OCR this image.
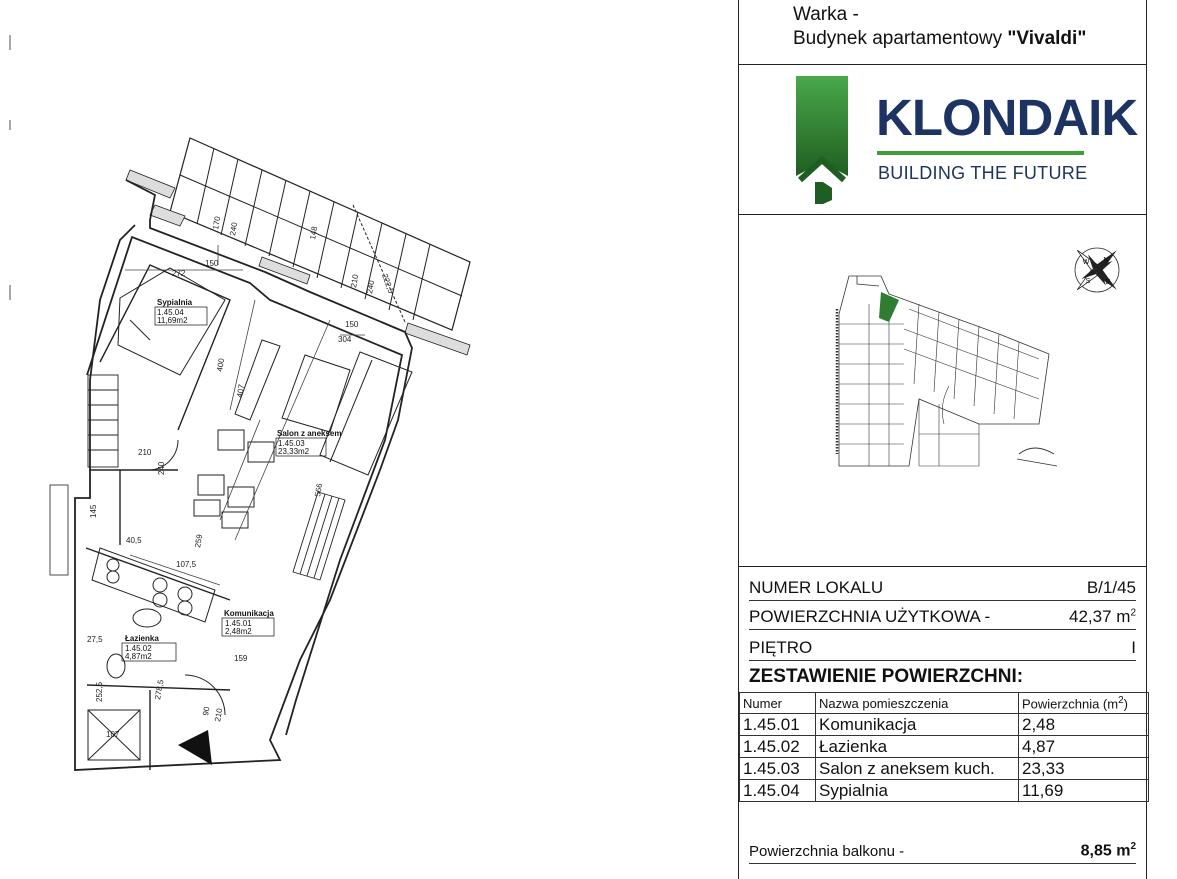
Sypialnia
1.45.04
11,69m2
Salon z aneksem
1.45.03
23,33m2
Komunikacja
1.45.01
2,48m2
Łazienka
1.45.02
4,87m2
170 240	148
210 240 222,5
272
150
150
304
400
407
210
240
566
145
40,5
107,5
259
27,5
252,5	278,5
159
107
90 210
Warka -
Budynek apartamentowy "Vivaldi"
KLONDAIK
BUILDING THE FUTURE
N
S E
W
NUMER LOKALU	B/1/45
POWIERZCHNIA UŻYTKOWA -	42,37 $m^2$
PIĘTRO	I
ZESTAWIENIE POWIERZCHNI:
Numer	Nazwa pomieszczenia	Powierzchnia $(m^2)$
1.45.01	Komunikacja	2,48
1.45.02	Łazienka	4,87
1.45.03	Salon z aneksem kuch.	23,33
1.45.04	Sypialnia	11,69
Powierzchnia balkonu -	8,85 $m^2$
